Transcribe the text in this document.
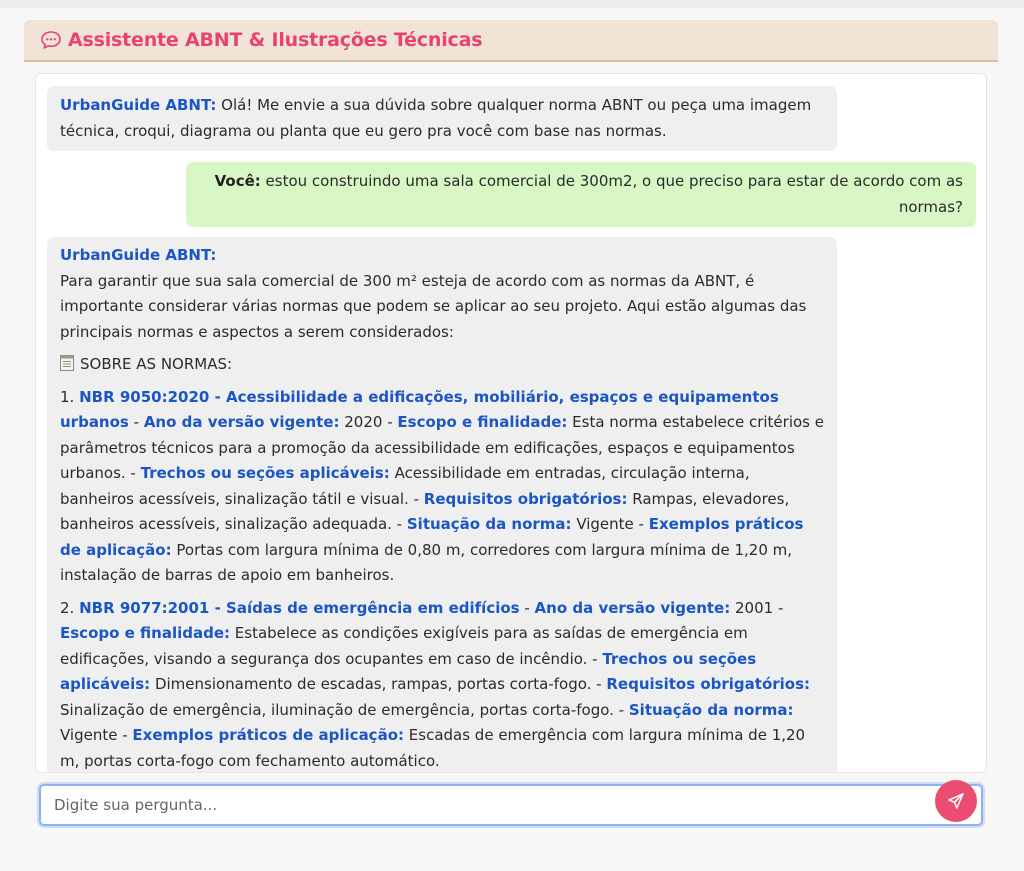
Assistente ABNT & Ilustrações Técnicas
UrbanGuide ABNT: Olá! Me envie a sua dúvida sobre qualquer norma ABNT ou peça uma imagem técnica, croqui, diagrama ou planta que eu gero pra você com base nas normas.
Você: estou construindo uma sala comercial de 300m2, o que preciso para estar de acordo com as normas?
UrbanGuide ABNT:
Para garantir que sua sala comercial de 300 m² esteja de acordo com as normas da ABNT, é importante considerar várias normas que podem se aplicar ao seu projeto. Aqui estão algumas das principais normas e aspectos a serem considerados:
SOBRE AS NORMAS:
1. NBR 9050:2020 - Acessibilidade a edificações, mobiliário, espaços e equipamentos urbanos - Ano da versão vigente: 2020 - Escopo e finalidade: Esta norma estabelece critérios e parâmetros técnicos para a promoção da acessibilidade em edificações, espaços e equipamentos urbanos. - Trechos ou seções aplicáveis: Acessibilidade em entradas, circulação interna, banheiros acessíveis, sinalização tátil e visual. - Requisitos obrigatórios: Rampas, elevadores, banheiros acessíveis, sinalização adequada. - Situação da norma: Vigente - Exemplos práticos de aplicação: Portas com largura mínima de 0,80 m, corredores com largura mínima de 1,20 m, instalação de barras de apoio em banheiros.
2. NBR 9077:2001 - Saídas de emergência em edifícios - Ano da versão vigente: 2001 - Escopo e finalidade: Estabelece as condições exigíveis para as saídas de emergência em edificações, visando a segurança dos ocupantes em caso de incêndio. - Trechos ou seções aplicáveis: Dimensionamento de escadas, rampas, portas corta-fogo. - Requisitos obrigatórios: Sinalização de emergência, iluminação de emergência, portas corta-fogo. - Situação da norma: Vigente - Exemplos práticos de aplicação: Escadas de emergência com largura mínima de 1,20 m, portas corta-fogo com fechamento automático.
Digite sua pergunta...
